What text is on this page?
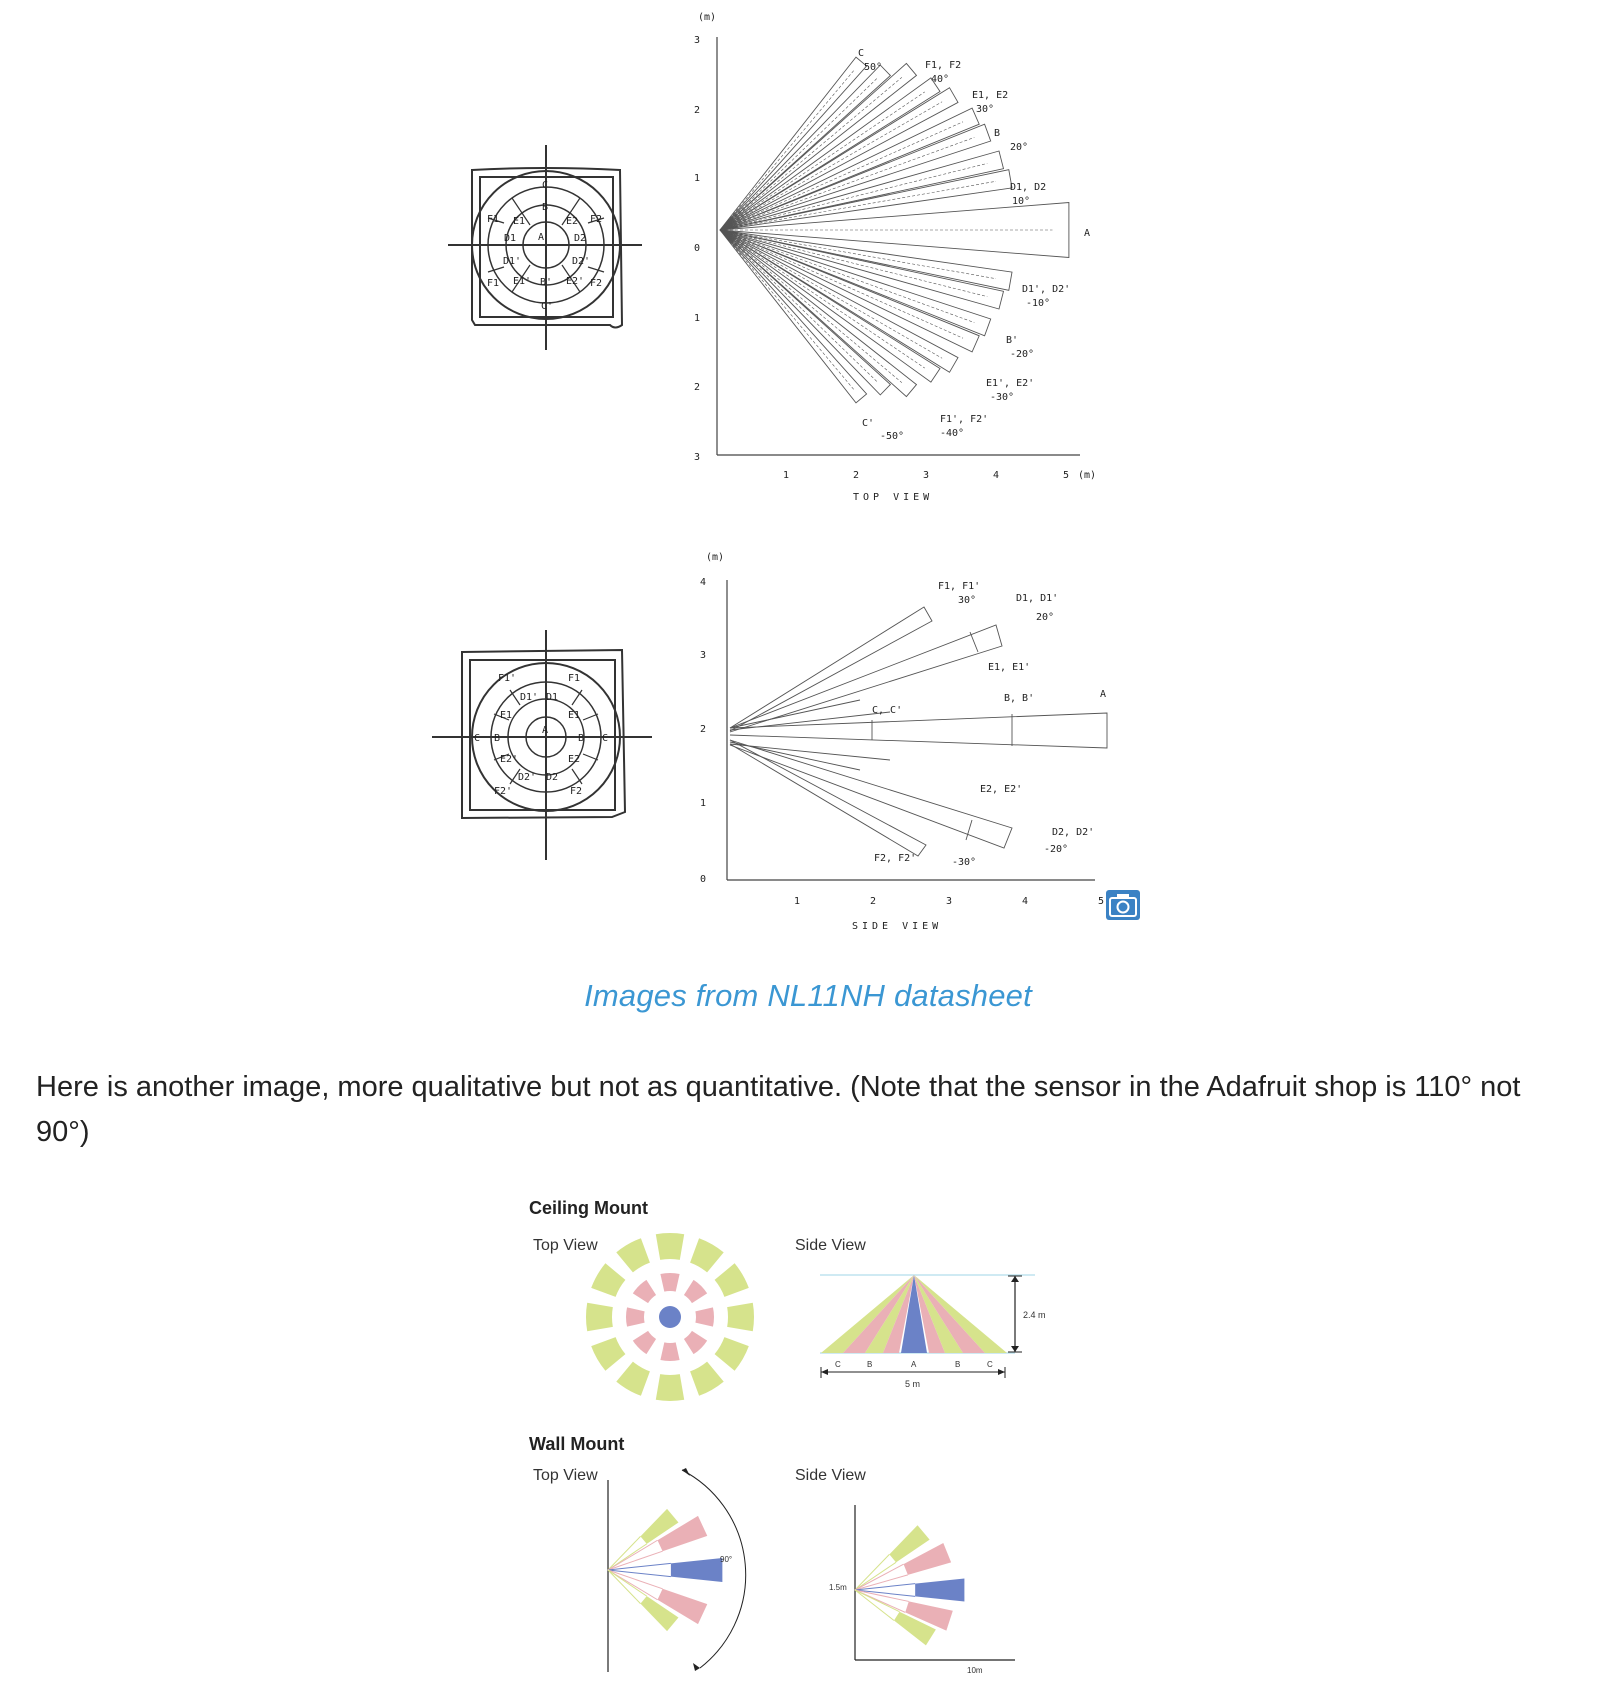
C
B
A
E1	E2
F1	F2
D1	D2
D1'	D2'
E1'	E2'
F1	F2
B'
C'
(m)
3
2
1
0
1
2
3
1	2	3	4	5 (m)
TOP VIEW
C
50°	F1, F2
40°
E1, E2
30°
B
20°
D1, D2
10°
A
D1', D2'
-10°
B'
-20°
E1', E2'
-30°
F1', F2'
-40°
C'
-50°
F1'	F1
D1' D1
E1	E1
C B
A
B C
E2'	E2
D2' D2
F2'	F2
(m)
4
3
2
1
0
1	2	3	4	5
SIDE VIEW
F1, F1'
30°	D1, D1'
20°
E1, E1'
B, B'	A
C, C'
E2, E2'
D2, D2'
-20°
F2, F2'	-30°
Images from NL11NH datasheet
Here is another image, more qualitative but not as quantitative. (Note that the sensor in the Adafruit shop is 110° not 90°)
Ceiling Mount
Top View	Side View
2.4 m
C	B	A	B	C
5 m
Wall Mount
Top View	Side View
90°
1.5m
10m
